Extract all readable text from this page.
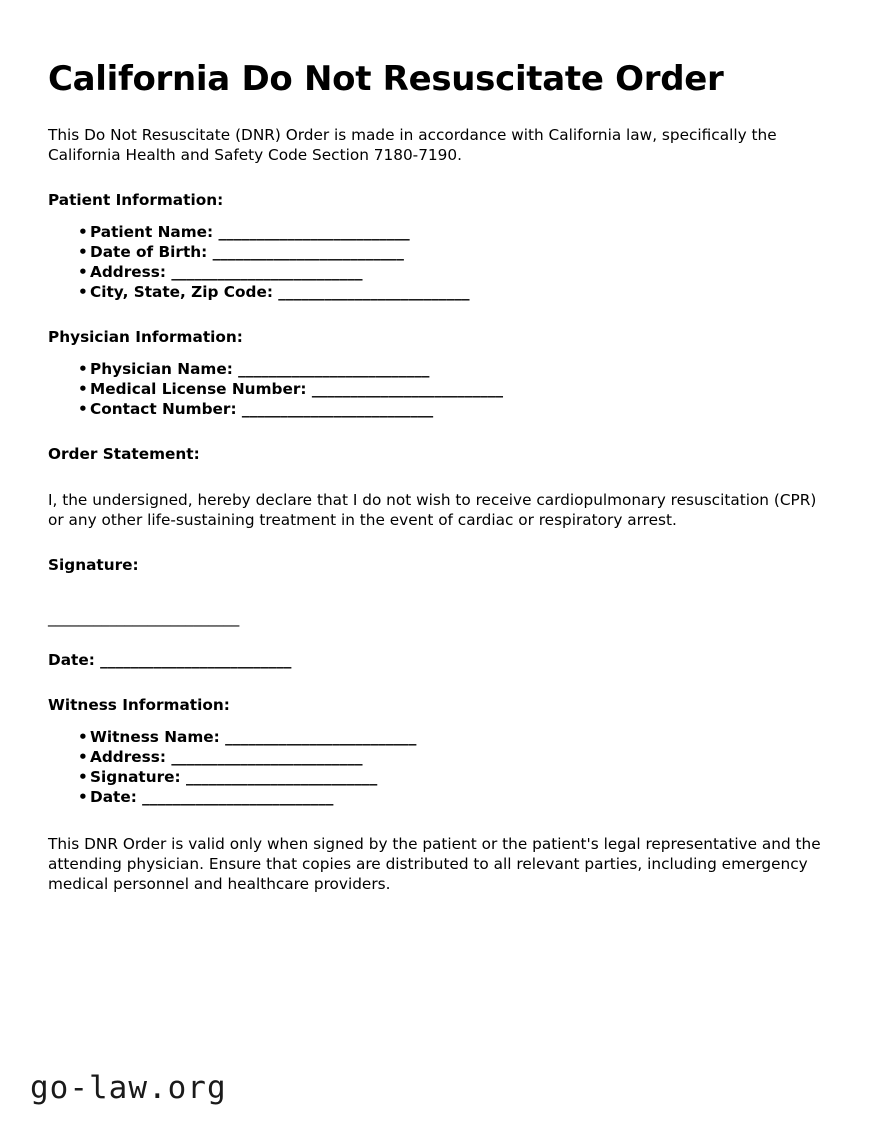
California Do Not Resuscitate Order

This Do Not Resuscitate (DNR) Order is made in accordance with California law, specifically the California Health and Safety Code Section 7180-7190.

Patient Information:
• Patient Name: _________________________
• Date of Birth: _________________________
• Address: _________________________
• City, State, Zip Code: _________________________
Physician Information:
• Physician Name: _________________________
• Medical License Number: _________________________
• Contact Number: _________________________
Order Statement:

I, the undersigned, hereby declare that I do not wish to receive cardiopulmonary resuscitation (CPR) or any other life-sustaining treatment in the event of cardiac or respiratory arrest.

Signature:
_________________________
Date: _________________________
Witness Information:
• Witness Name: _________________________
• Address: _________________________
• Signature: _________________________
• Date: _________________________

This DNR Order is valid only when signed by the patient or the patient's legal representative and the attending physician. Ensure that copies are distributed to all relevant parties, including emergency medical personnel and healthcare providers.

go-law.org
